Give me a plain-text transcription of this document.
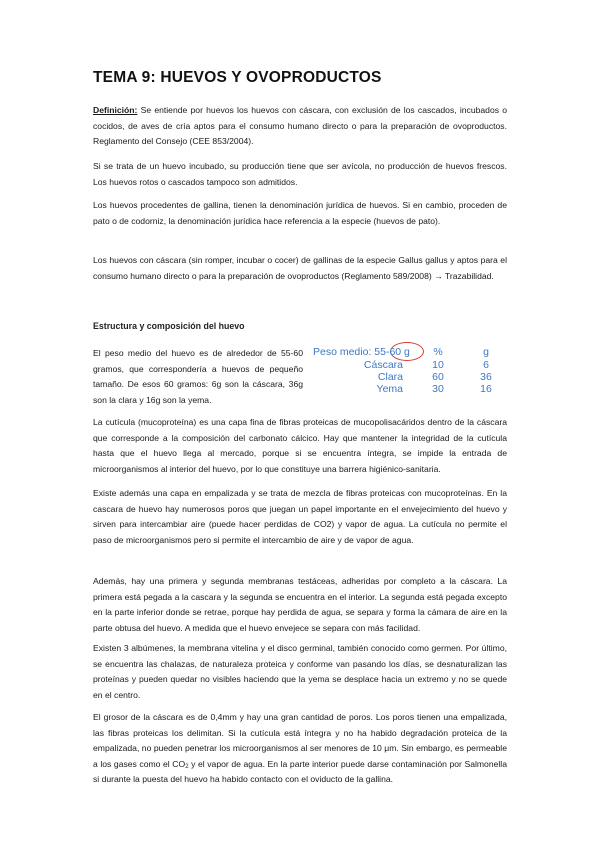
TEMA 9: HUEVOS Y OVOPRODUCTOS

Definición: Se entiende por huevos los huevos con cáscara, con exclusión de los cascados, incubados o cocidos, de aves de cría aptos para el consumo humano directo o para la preparación de ovoproductos. Reglamento del Consejo (CEE 853/2004).

Si se trata de un huevo incubado, su producción tiene que ser avícola, no producción de huevos frescos. Los huevos rotos o cascados tampoco son admitidos.

Los huevos procedentes de gallina, tienen la denominación jurídica de huevos. Si en cambio, proceden de pato o de codorniz, la denominación jurídica hace referencia a la especie (huevos de pato).

Los huevos con cáscara (sin romper, incubar o cocer) de gallinas de la especie Gallus gallus y aptos para el consumo humano directo o para la preparación de ovoproductos (Reglamento 589/2008) → Trazabilidad.

Estructura y composición del huevo

El peso medio del huevo es de alrededor de 55-60 gramos, que correspondería a huevos de pequeño tamaño. De esos 60 gramos: 6g son la cáscara, 36g son la clara y 16g son la yema.

Peso medio: 55-60 g	%	g
Cáscara	10	6
Clara	60	36
Yema	30	16

La cutícula (mucoproteína) es una capa fina de fibras proteicas de mucopolisacáridos dentro de la cáscara que corresponde a la composición del carbonato cálcico. Hay que mantener la integridad de la cutícula hasta que el huevo llega al mercado, porque si se encuentra íntegra, se impide la entrada de microorganismos al interior del huevo, por lo que constituye una barrera higiénico-sanitaria.

Existe además una capa en empalizada y se trata de mezcla de fibras proteicas con mucoproteínas. En la cascara de huevo hay numerosos poros que juegan un papel importante en el envejecimiento del huevo y sirven para intercambiar aire (puede hacer perdidas de CO2) y vapor de agua. La cutícula no permite el paso de microorganismos pero si permite el intercambio de aire y de vapor de agua.

Además, hay una primera y segunda membranas testáceas, adheridas por completo a la cáscara. La primera está pegada a la cascara y la segunda se encuentra en el interior. La segunda está pegada excepto en la parte inferior donde se retrae, porque hay perdida de agua, se separa y forma la cámara de aire en la parte obtusa del huevo. A medida que el huevo envejece se separa con más facilidad.

Existen 3 albúmenes, la membrana vitelina y el disco germinal, también conocido como germen. Por último, se encuentra las chalazas, de naturaleza proteica y conforme van pasando los días, se desnaturalizan las proteínas y pueden quedar no visibles haciendo que la yema se desplace hacia un extremo y no se quede en el centro.

El grosor de la cáscara es de 0,4mm y hay una gran cantidad de poros. Los poros tienen una empalizada, las fibras proteicas los delimitan. Si la cutícula está íntegra y no ha habido degradación proteica de la empalizada, no pueden penetrar los microorganismos al ser menores de 10 μm. Sin embargo, es permeable a los gases como el $CO_2$ y el vapor de agua. En la parte interior puede darse contaminación por Salmonella si durante la puesta del huevo ha habido contacto con el oviducto de la gallina.
